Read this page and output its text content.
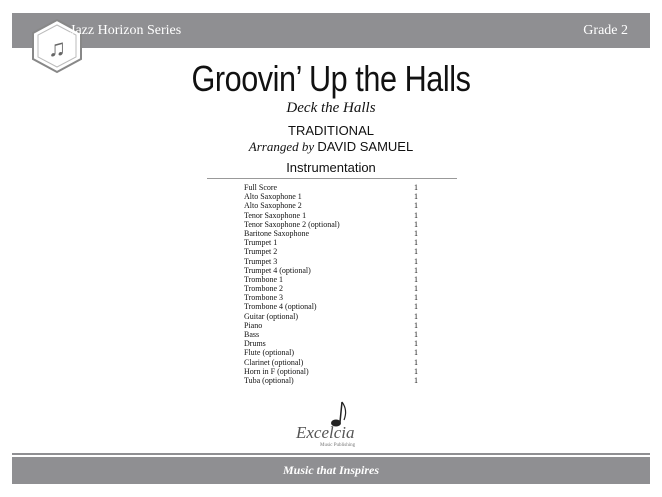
♫
Jazz Horizon Series	Grade 2
Groovin’ Up the Halls
Deck the Halls
TRADITIONAL
Arranged by DAVID SAMUEL
Instrumentation
Full Score	1
Alto Saxophone 1	1
Alto Saxophone 2	1
Tenor Saxophone 1	1
Tenor Saxophone 2 (optional)	1
Baritone Saxophone	1
Trumpet 1	1
Trumpet 2	1
Trumpet 3	1
Trumpet 4 (optional)	1
Trombone 1	1
Trombone 2	1
Trombone 3	1
Trombone 4 (optional)	1
Guitar (optional)	1
Piano	1
Bass	1
Drums	1
Flute (optional)	1
Clarinet (optional)	1
Horn in F (optional)	1
Tuba (optional)	1
Excelcia
Music Publishing
Music that Inspires
